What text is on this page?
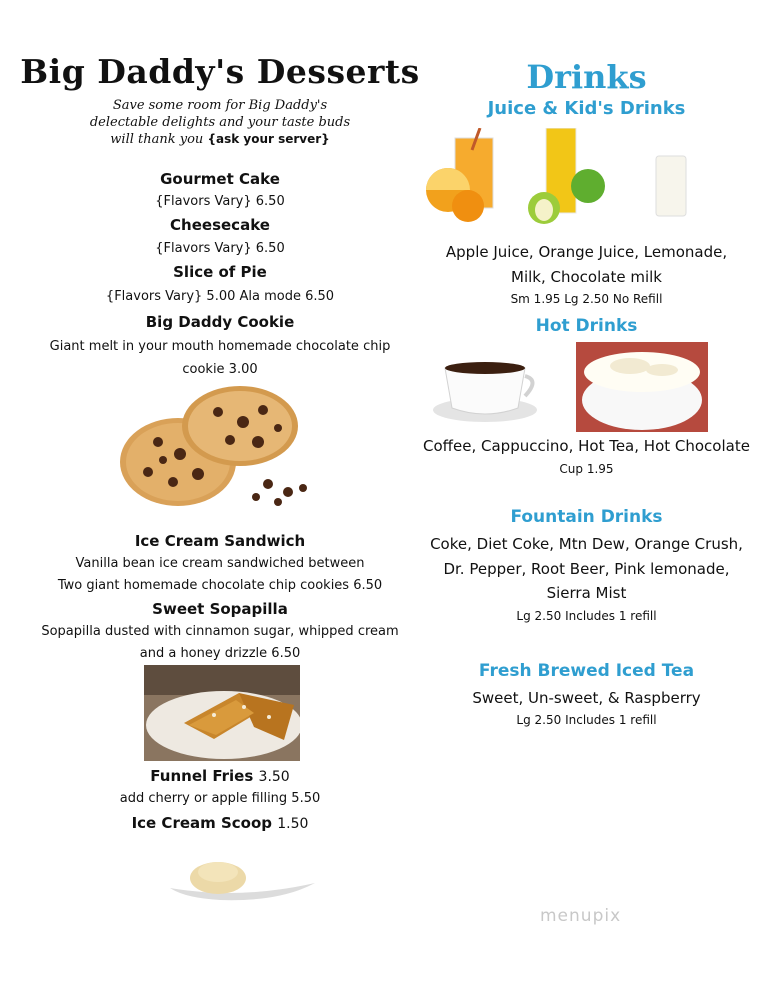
Big Daddy's Desserts
Save some room for Big Daddy's
delectable delights and your taste buds
will thank you {ask your server}
Gourmet Cake
{Flavors Vary} 6.50
Cheesecake
{Flavors Vary} 6.50
Slice of Pie
{Flavors Vary} 5.00 Ala mode 6.50
Big Daddy Cookie
Giant melt in your mouth homemade chocolate chip
cookie 3.00
Ice Cream Sandwich
Vanilla bean ice cream sandwiched between
Two giant homemade chocolate chip cookies 6.50
Sweet Sopapilla
Sopapilla dusted with cinnamon sugar, whipped cream
and a honey drizzle 6.50
Funnel Fries 3.50
add cherry or apple filling 5.50
Ice Cream Scoop 1.50
Drinks
Juice & Kid's Drinks
Apple Juice, Orange Juice, Lemonade,
Milk, Chocolate milk
Sm 1.95 Lg 2.50 No Refill
Hot Drinks
Coffee, Cappuccino, Hot Tea, Hot Chocolate
Cup 1.95
Fountain Drinks
Coke, Diet Coke, Mtn Dew, Orange Crush,
Dr. Pepper, Root Beer, Pink lemonade,
Sierra Mist
Lg 2.50 Includes 1 refill
Fresh Brewed Iced Tea
Sweet, Un-sweet, & Raspberry
Lg 2.50 Includes 1 refill
menupix
